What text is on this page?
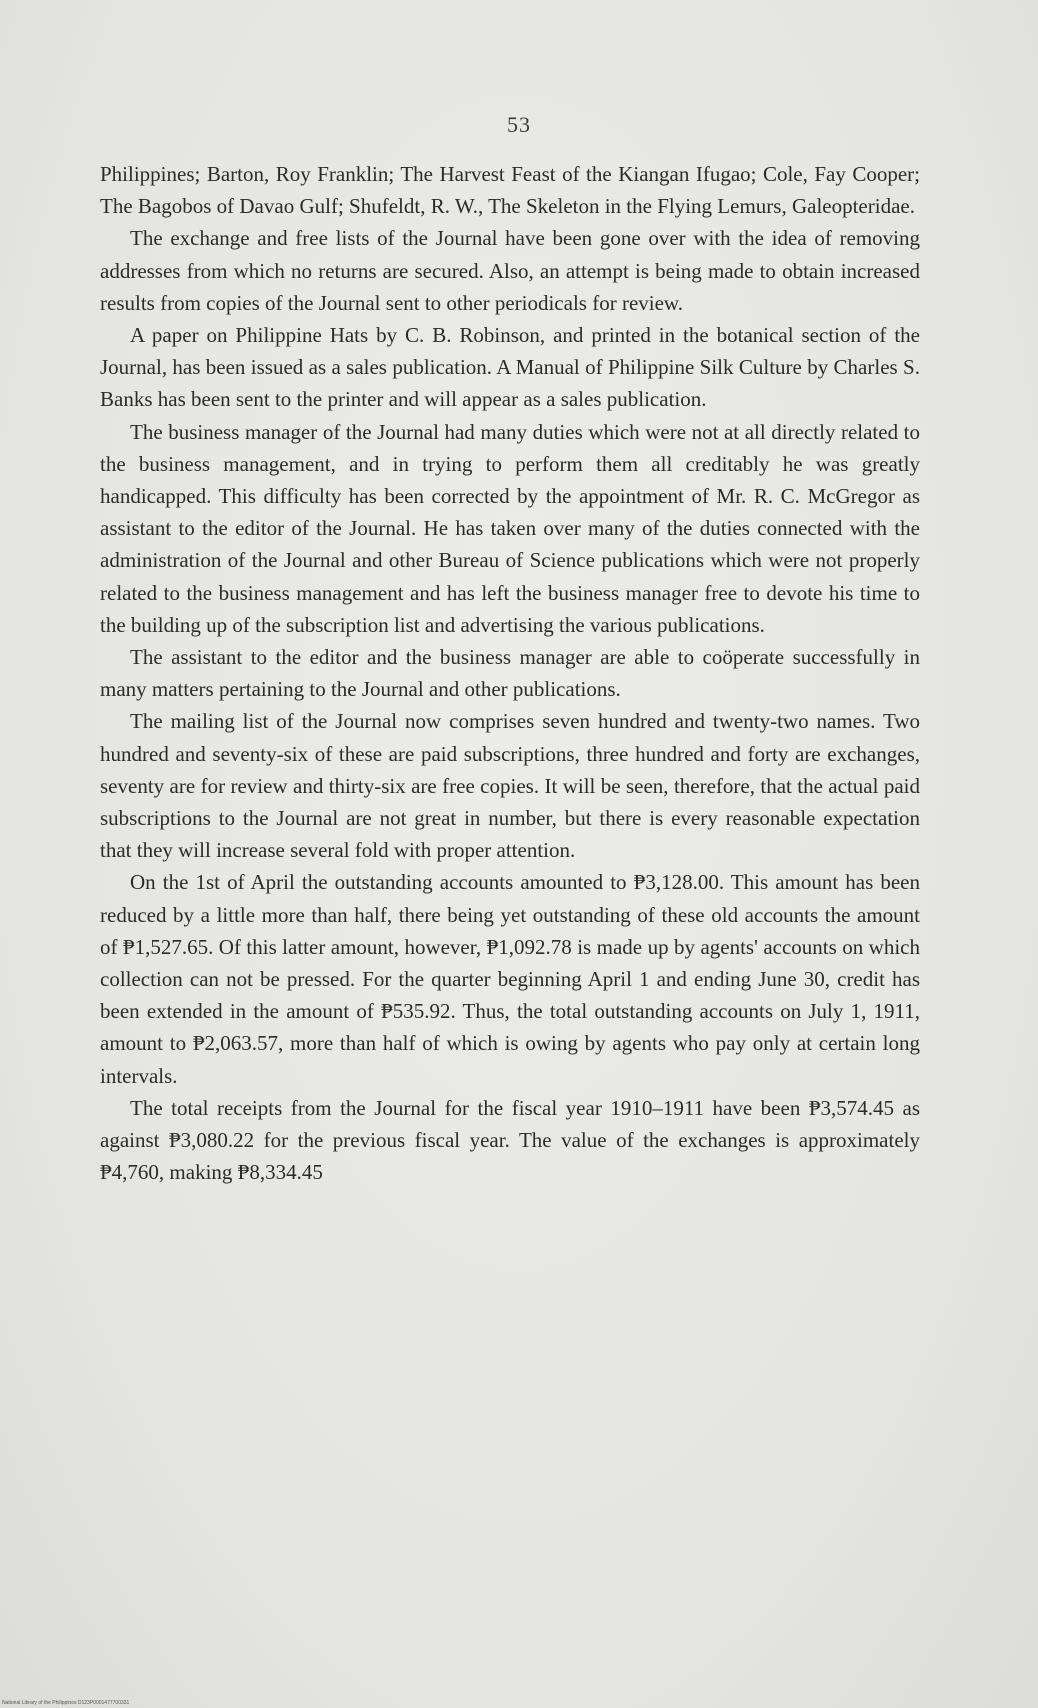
53

Philippines; Barton, Roy Franklin; The Harvest Feast of the Kiangan Ifugao; Cole, Fay Cooper; The Bagobos of Davao Gulf; Shufeldt, R. W., The Skeleton in the Flying Lemurs, Galeopteridae.

The exchange and free lists of the Journal have been gone over with the idea of removing addresses from which no returns are secured. Also, an attempt is being made to obtain increased results from copies of the Journal sent to other periodicals for review.

A paper on Philippine Hats by C. B. Robinson, and printed in the botanical section of the Journal, has been issued as a sales publication. A Manual of Philippine Silk Culture by Charles S. Banks has been sent to the printer and will appear as a sales publication.

The business manager of the Journal had many duties which were not at all directly related to the business management, and in trying to perform them all creditably he was greatly handicapped. This difficulty has been corrected by the appointment of Mr. R. C. McGregor as assistant to the editor of the Journal. He has taken over many of the duties connected with the administration of the Journal and other Bureau of Science publications which were not properly related to the business management and has left the business manager free to devote his time to the building up of the subscription list and advertising the various publications.

The assistant to the editor and the business manager are able to coöperate successfully in many matters pertaining to the Journal and other publications.

The mailing list of the Journal now comprises seven hundred and twenty-two names. Two hundred and seventy-six of these are paid subscriptions, three hundred and forty are exchanges, seventy are for review and thirty-six are free copies. It will be seen, therefore, that the actual paid subscriptions to the Journal are not great in number, but there is every reasonable expectation that they will increase several fold with proper attention.

On the 1st of April the outstanding accounts amounted to ₱3,128.00. This amount has been reduced by a little more than half, there being yet outstanding of these old accounts the amount of ₱1,527.65. Of this latter amount, however, ₱1,092.78 is made up by agents' accounts on which collection can not be pressed. For the quarter beginning April 1 and ending June 30, credit has been extended in the amount of ₱535.92. Thus, the total outstanding accounts on July 1, 1911, amount to ₱2,063.57, more than half of which is owing by agents who pay only at certain long intervals.

The total receipts from the Journal for the fiscal year 1910–1911 have been ₱3,574.45 as against ₱3,080.22 for the previous fiscal year. The value of the exchanges is approximately ₱4,760, making ₱8,334.45

National Library of the Philippines D123P0001477700331
